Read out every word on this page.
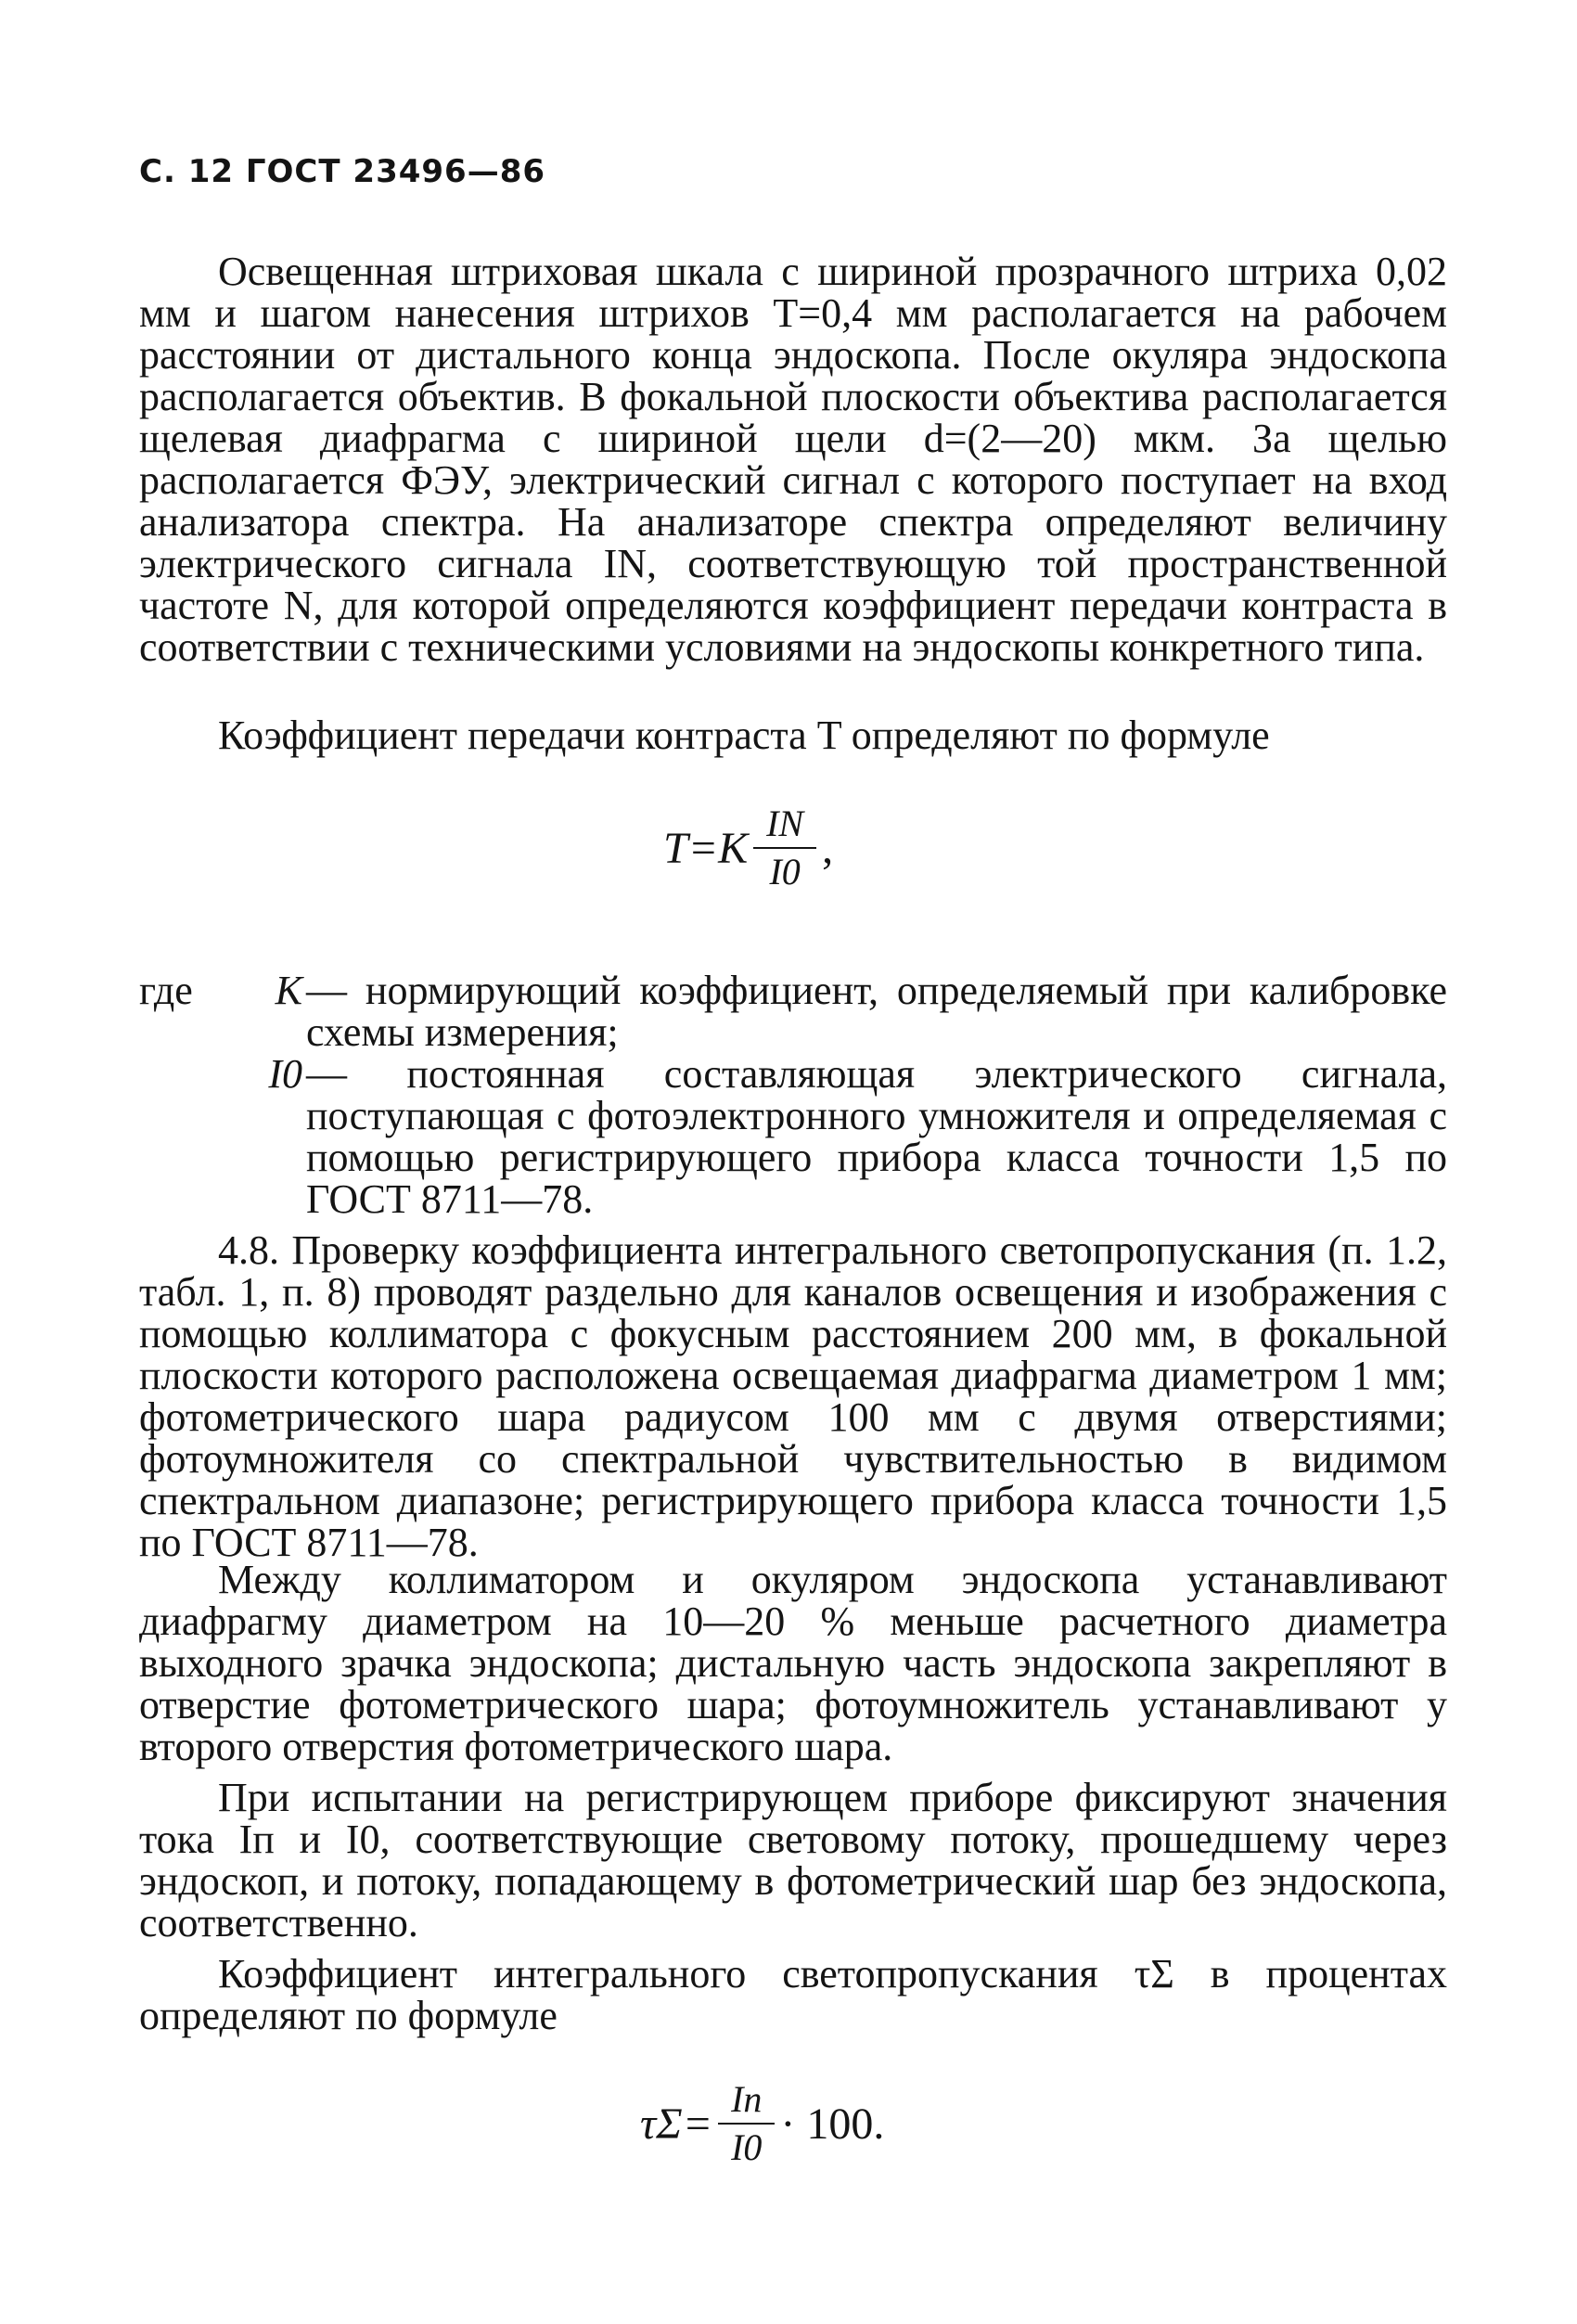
С. 12 ГОСТ 23496—86
Освещенная штриховая шкала с шириной прозрачного штриха 0,02 мм и шагом нанесения штрихов T=0,4 мм располагается на рабочем расстоянии от дистального конца эндоскопа. После окуляра эндоскопа располагается объектив. В фокальной плоскости объектива располагается щелевая диафрагма с шириной щели d=(2—20) мкм. За щелью располагается ФЭУ, электрический сигнал с которого поступает на вход анализатора спектра. На анализаторе спектра определяют величину электрического сигнала IN, соответствующую той пространственной частоте N, для которой определяются коэффициент передачи контраста в соответствии с техническими условиями на эндоскопы конкретного типа.
Коэффициент передачи контраста T определяют по формуле
$T=K \frac{IN}{I0}$ ,
где	K — нормирующий коэффициент, определяемый при калибровке схемы измерения;
I0 — постоянная составляющая электрического сигнала, поступающая с фотоэлектронного умножителя и определяемая с помощью регистрирующего прибора класса точности 1,5 по ГОСТ 8711—78.
4.8. Проверку коэффициента интегрального светопропускания (п. 1.2, табл. 1, п. 8) проводят раздельно для каналов освещения и изображения с помощью коллиматора с фокусным расстоянием 200 мм, в фокальной плоскости которого расположена освещаемая диафрагма диаметром 1 мм; фотометрического шара радиусом 100 мм с двумя отверстиями; фотоумножителя со спектральной чувствительностью в видимом спектральном диапазоне; регистрирующего прибора класса точности 1,5 по ГОСТ 8711—78.
Между коллиматором и окуляром эндоскопа устанавливают диафрагму диаметром на 10—20 % меньше расчетного диаметра выходного зрачка эндоскопа; дистальную часть эндоскопа закрепляют в отверстие фотометрического шара; фотоумножитель устанавливают у второго отверстия фотометрического шара.
При испытании на регистрирующем приборе фиксируют значения тока Iп и I0, соответствующие световому потоку, прошедшему через эндоскоп, и потоку, попадающему в фотометрический шар без эндоскопа, соответственно.
Коэффициент интегрального светопропускания τΣ в процентах определяют по формуле
$\tau\Sigma= \frac{Iп}{I0} \cdot 100$.
